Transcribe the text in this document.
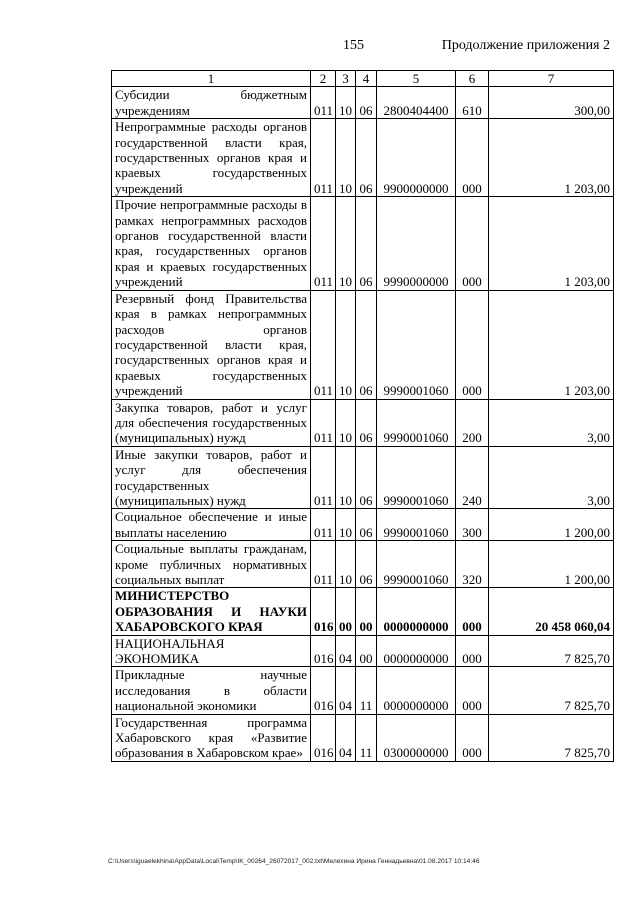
155	Продолжение приложения 2
1	2	3	4	5	6	7
Субсидии бюджетным учреждениям	011	10	06	2800404400	610	300,00
Непрограммные расходы органов государственной власти края, государственных органов края и краевых государственных учреждений	011	10	06	9900000000	000	1 203,00
Прочие непрограммные расходы в рамках непрограммных расходов органов государственной власти края, государственных органов края и краевых государственных учреждений	011	10	06	9990000000	000	1 203,00
Резервный фонд Правительства края в рамках непрограммных расходов органов государственной власти края, государственных органов края и краевых государственных учреждений	011	10	06	9990001060	000	1 203,00
Закупка товаров, работ и услуг для обеспечения государственных (муниципальных) нужд	011	10	06	9990001060	200	3,00
Иные закупки товаров, работ и услуг для обеспечения государственных (муниципальных) нужд	011	10	06	9990001060	240	3,00
Социальное обеспечение и иные выплаты населению	011	10	06	9990001060	300	1 200,00
Социальные выплаты гражданам, кроме публичных нормативных социальных выплат	011	10	06	9990001060	320	1 200,00
МИНИСТЕРСТВО ОБРАЗОВАНИЯ И НАУКИ ХАБАРОВСКОГО КРАЯ	016	00	00	0000000000	000	20 458 060,04
НАЦИОНАЛЬНАЯ ЭКОНОМИКА	016	04	00	0000000000	000	7 825,70
Прикладные научные исследования в области национальной экономики	016	04	11	0000000000	000	7 825,70
Государственная программа Хабаровского края «Развитие образования в Хабаровском крае»	016	04	11	0300000000	000	7 825,70
C:\Users\iguaelekhina\AppData\Local\Temp\IK_00264_26072017_002.txt\Мелехина Ирина Геннадьевна\01.08.2017 10:14:46
